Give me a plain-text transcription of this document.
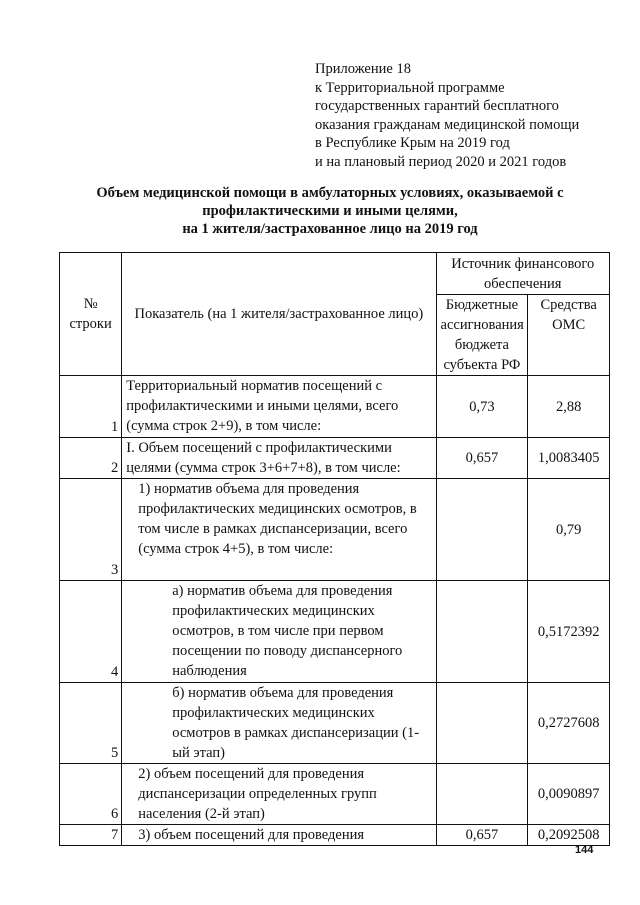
Приложение 18
к Территориальной программе
государственных гарантий бесплатного
оказания гражданам медицинской помощи
в Республике Крым на 2019 год
и на плановый период 2020 и 2021 годов
Объем медицинской помощи в амбулаторных условиях, оказываемой с
профилактическими и иными целями,
на 1 жителя/застрахованное лицо на 2019 год
№ строки	Показатель (на 1 жителя/застрахованное лицо)	Источник финансового обеспечения	
		Бюджетные ассигнования бюджета субъекта РФ	Средства ОМС
1	Территориальный норматив посещений с профилактическими и иными целями, всего (сумма строк 2+9), в том числе:	0,73	2,88
2	I. Объем посещений с профилактическими целями (сумма строк 3+6+7+8), в том числе:	0,657	1,0083405
3	1) норматив объема для проведения профилактических медицинских осмотров, в том числе в рамках диспансеризации, всего (сумма строк 4+5), в том числе:		0,79
4	а) норматив объема для проведения профилактических медицинских осмотров, в том числе при первом посещении по поводу диспансерного наблюдения		0,5172392
5	б) норматив объема для проведения профилактических медицинских осмотров в рамках диспансеризации (1-ый этап)		0,2727608
6	2) объем посещений для проведения диспансеризации определенных групп населения (2-й этап)		0,0090897
7	3) объем посещений для проведения	0,657	0,2092508
144
